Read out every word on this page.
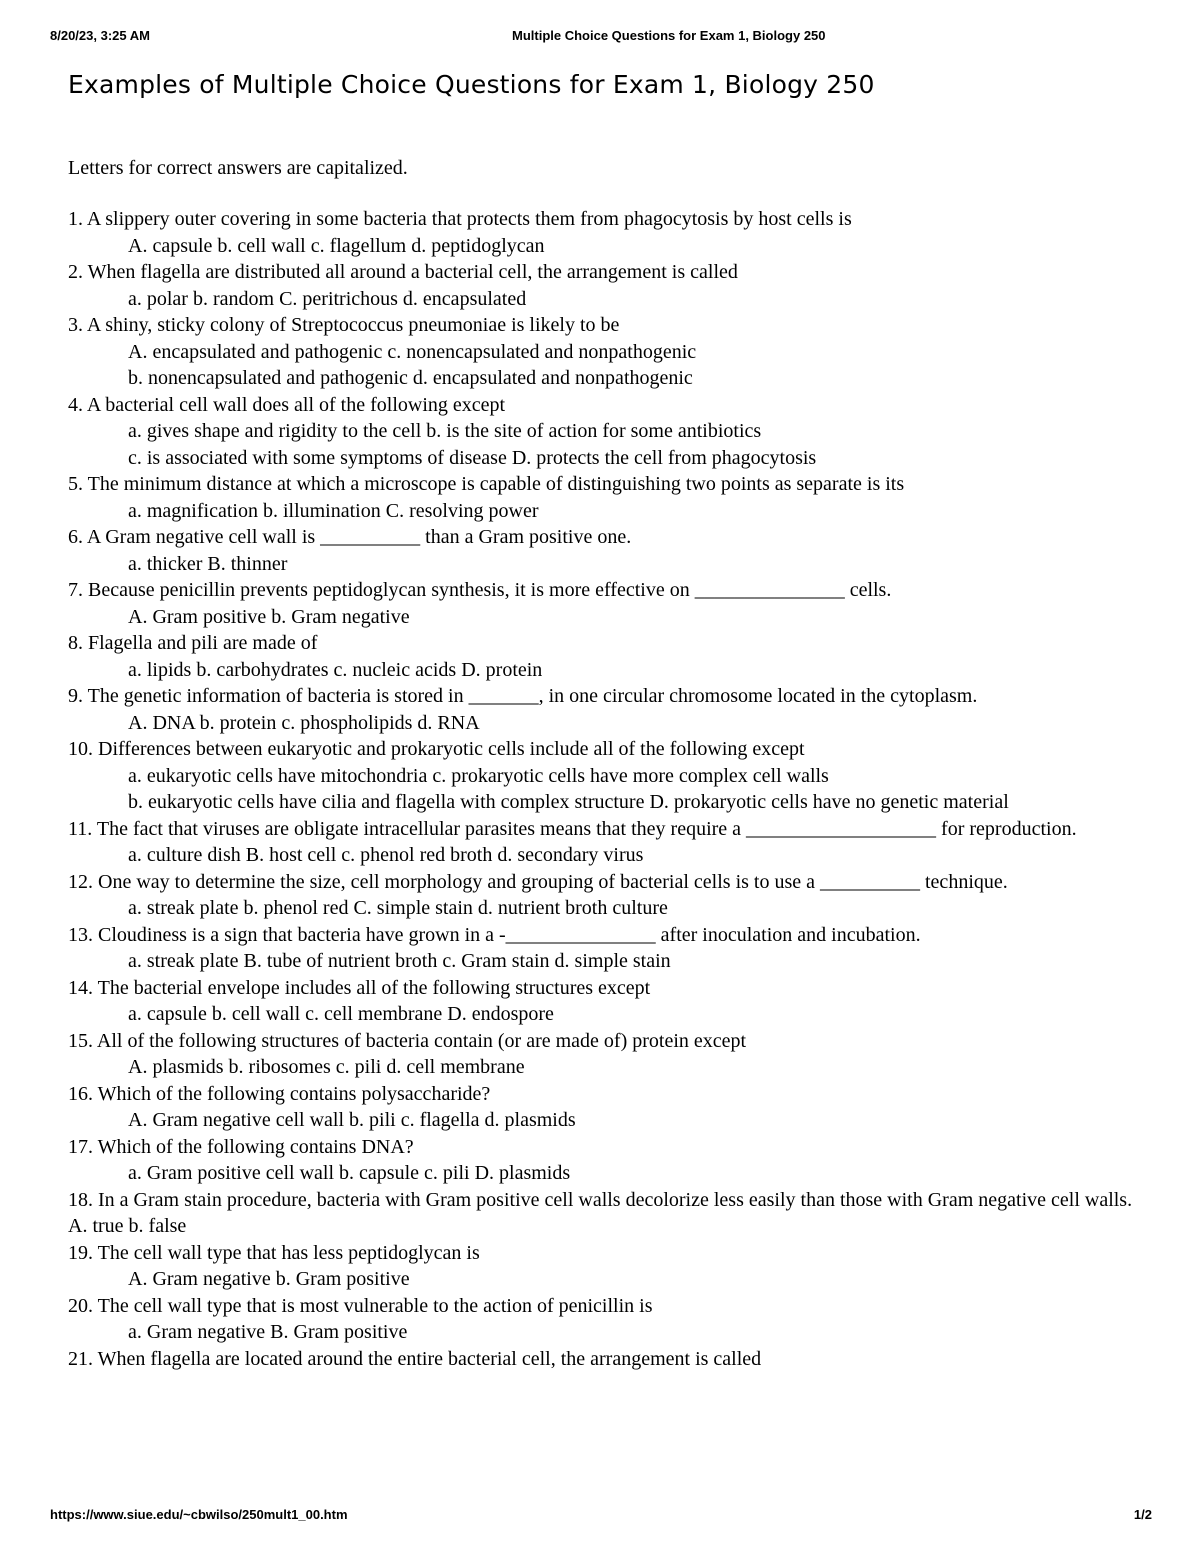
8/20/23, 3:25 AM	Multiple Choice Questions for Exam 1, Biology 250
Examples of Multiple Choice Questions for Exam 1, Biology 250

Letters for correct answers are capitalized.

1. A slippery outer covering in some bacteria that protects them from phagocytosis by host cells is
A. capsule b. cell wall c. flagellum d. peptidoglycan
2. When flagella are distributed all around a bacterial cell, the arrangement is called
a. polar b. random C. peritrichous d. encapsulated
3. A shiny, sticky colony of Streptococcus pneumoniae is likely to be
A. encapsulated and pathogenic c. nonencapsulated and nonpathogenic
b. nonencapsulated and pathogenic d. encapsulated and nonpathogenic
4. A bacterial cell wall does all of the following except
a. gives shape and rigidity to the cell b. is the site of action for some antibiotics
c. is associated with some symptoms of disease D. protects the cell from phagocytosis
5. The minimum distance at which a microscope is capable of distinguishing two points as separate is its
a. magnification b. illumination C. resolving power
6. A Gram negative cell wall is __________ than a Gram positive one.
a. thicker B. thinner
7. Because penicillin prevents peptidoglycan synthesis, it is more effective on _______________ cells.
A. Gram positive b. Gram negative
8. Flagella and pili are made of
a. lipids b. carbohydrates c. nucleic acids D. protein
9. The genetic information of bacteria is stored in _______, in one circular chromosome located in the cytoplasm.
A. DNA b. protein c. phospholipids d. RNA
10. Differences between eukaryotic and prokaryotic cells include all of the following except
a. eukaryotic cells have mitochondria c. prokaryotic cells have more complex cell walls
b. eukaryotic cells have cilia and flagella with complex structure D. prokaryotic cells have no genetic material
11. The fact that viruses are obligate intracellular parasites means that they require a ___________________ for reproduction.
a. culture dish B. host cell c. phenol red broth d. secondary virus
12. One way to determine the size, cell morphology and grouping of bacterial cells is to use a __________ technique.
a. streak plate b. phenol red C. simple stain d. nutrient broth culture
13. Cloudiness is a sign that bacteria have grown in a -_______________ after inoculation and incubation.
a. streak plate B. tube of nutrient broth c. Gram stain d. simple stain
14. The bacterial envelope includes all of the following structures except
a. capsule b. cell wall c. cell membrane D. endospore
15. All of the following structures of bacteria contain (or are made of) protein except
A. plasmids b. ribosomes c. pili d. cell membrane
16. Which of the following contains polysaccharide?
A. Gram negative cell wall b. pili c. flagella d. plasmids
17. Which of the following contains DNA?
a. Gram positive cell wall b. capsule c. pili D. plasmids
18. In a Gram stain procedure, bacteria with Gram positive cell walls decolorize less easily than those with Gram negative cell walls. A. true b. false
19. The cell wall type that has less peptidoglycan is
A. Gram negative b. Gram positive
20. The cell wall type that is most vulnerable to the action of penicillin is
a. Gram negative B. Gram positive
21. When flagella are located around the entire bacterial cell, the arrangement is called
https://www.siue.edu/~cbwilso/250mult1_00.htm	1/2
